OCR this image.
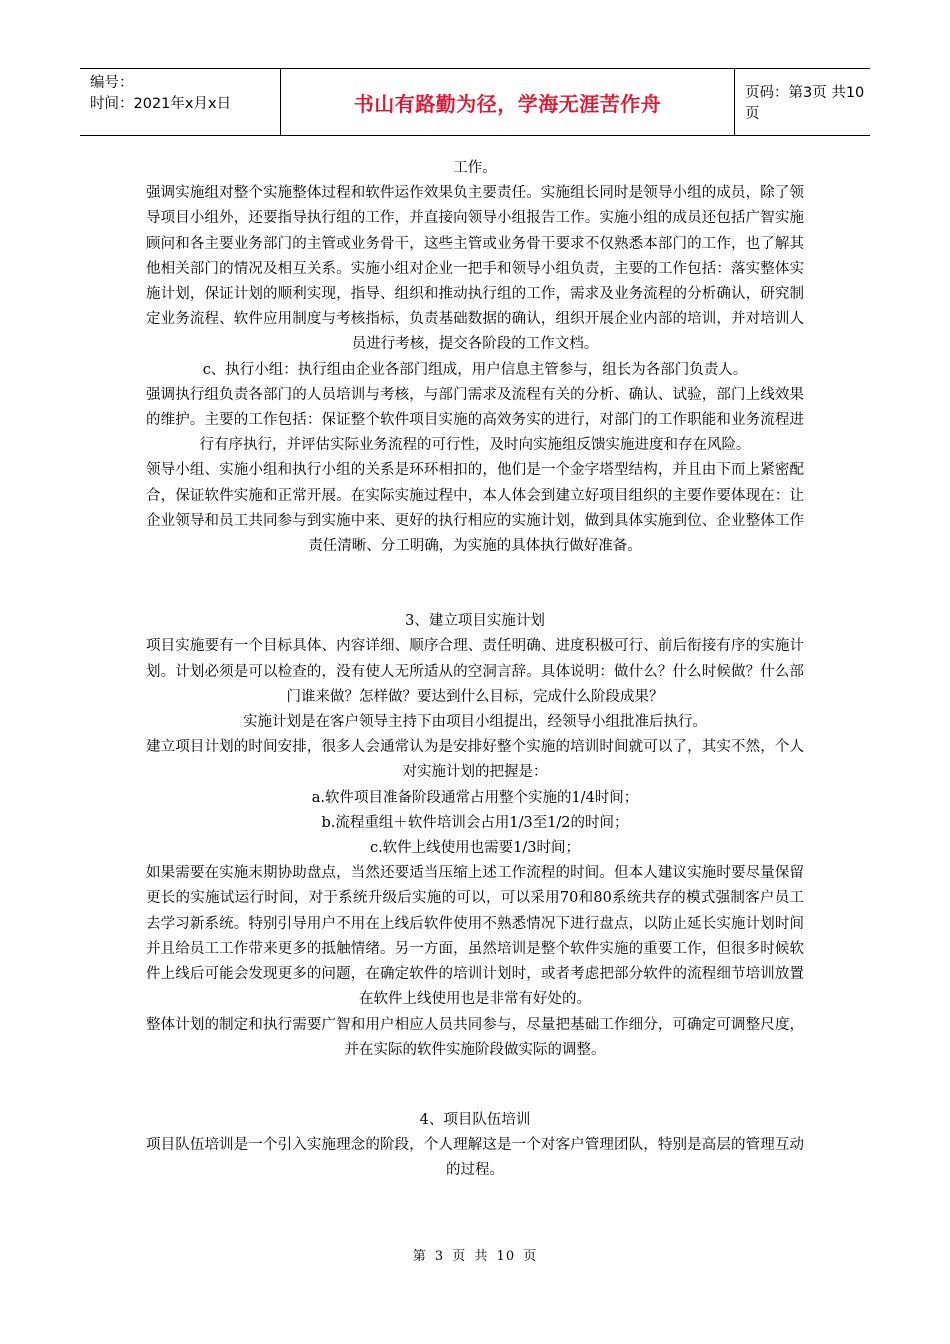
编号：
时间：2021年x月x日	书山有路勤为径，学海无涯苦作舟	页码：第3页 共10页

工作。

强调实施组对整个实施整体过程和软件运作效果负主要责任。实施组长同时是领导小组的成员，除了领导项目小组外，还要指导执行组的工作，并直接向领导小组报告工作。实施小组的成员还包括广智实施顾问和各主要业务部门的主管或业务骨干，这些主管或业务骨干要求不仅熟悉本部门的工作，也了解其他相关部门的情况及相互关系。实施小组对企业一把手和领导小组负责，主要的工作包括：落实整体实施计划，保证计划的顺利实现，指导、组织和推动执行组的工作，需求及业务流程的分析确认，研究制定业务流程、软件应用制度与考核指标，负责基础数据的确认，组织开展企业内部的培训，并对培训人员进行考核，提交各阶段的工作文档。

c、执行小组：执行组由企业各部门组成，用户信息主管参与，组长为各部门负责人。

强调执行组负责各部门的人员培训与考核，与部门需求及流程有关的分析、确认、试验，部门上线效果的维护。主要的工作包括：保证整个软件项目实施的高效务实的进行，对部门的工作职能和业务流程进行有序执行，并评估实际业务流程的可行性，及时向实施组反馈实施进度和存在风险。

领导小组、实施小组和执行小组的关系是环环相扣的，他们是一个金字塔型结构，并且由下而上紧密配合，保证软件实施和正常开展。在实际实施过程中，本人体会到建立好项目组织的主要作要体现在：让企业领导和员工共同参与到实施中来、更好的执行相应的实施计划，做到具体实施到位、企业整体工作责任清晰、分工明确，为实施的具体执行做好准备。

3、建立项目实施计划

项目实施要有一个目标具体、内容详细、顺序合理、责任明确、进度积极可行、前后衔接有序的实施计划。计划必须是可以检查的，没有使人无所适从的空洞言辞。具体说明：做什么？什么时候做？什么部门谁来做？怎样做？要达到什么目标，完成什么阶段成果？

实施计划是在客户领导主持下由项目小组提出，经领导小组批准后执行。

建立项目计划的时间安排，很多人会通常认为是安排好整个实施的培训时间就可以了，其实不然，个人对实施计划的把握是：

a.软件项目准备阶段通常占用整个实施的1/4时间；

b.流程重组＋软件培训会占用1/3至1/2的时间；

c.软件上线使用也需要1/3时间；

如果需要在实施末期协助盘点，当然还要适当压缩上述工作流程的时间。但本人建议实施时要尽量保留更长的实施试运行时间，对于系统升级后实施的可以，可以采用70和80系统共存的模式强制客户员工去学习新系统。特别引导用户不用在上线后软件使用不熟悉情况下进行盘点，以防止延长实施计划时间并且给员工工作带来更多的抵触情绪。另一方面，虽然培训是整个软件实施的重要工作，但很多时候软件上线后可能会发现更多的问题，在确定软件的培训计划时，或者考虑把部分软件的流程细节培训放置在软件上线使用也是非常有好处的。

整体计划的制定和执行需要广智和用户相应人员共同参与，尽量把基础工作细分，可确定可调整尺度，并在实际的软件实施阶段做实际的调整。

4、项目队伍培训

项目队伍培训是一个引入实施理念的阶段，个人理解这是一个对客户管理团队，特别是高层的管理互动的过程。

第 3 页 共 10 页
